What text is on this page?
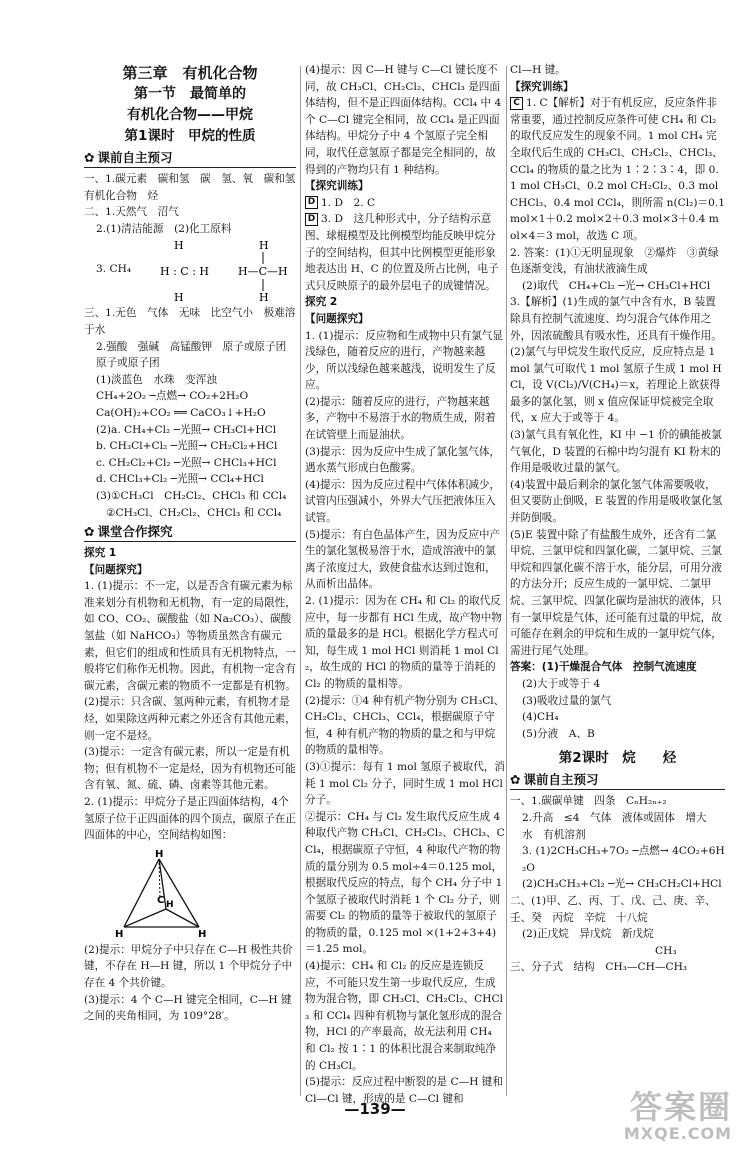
第三章　有机化合物
第一节　最简单的
有机化合物——甲烷
第1课时　甲烷的性质
✿ 课前自主预习

一、1.碳元素　碳和氢　碳　氢、氧　碳和氢　有机化合物　烃

二、1.天然气　沼气

2.(1)清洁能源　(2)化工原料

3. CH₄
H
H : C : H
H
H
H—C—H
H

三、1.无色　气体　无味　比空气小　极难溶于水

2.强酸　强碱　高锰酸钾　原子或原子团　原子或原子团

(1)淡蓝色　水珠　变浑浊

CH₄+2O₂ ─点燃→ CO₂+2H₂O

Ca(OH)₂+CO₂ ══ CaCO₃↓+H₂O

(2)a. CH₄+Cl₂ ─光照→ CH₃Cl+HCl

b. CH₃Cl+Cl₂ ─光照→ CH₂Cl₂+HCl

c. CH₂Cl₂+Cl₂ ─光照→ CHCl₃+HCl

d. CHCl₃+Cl₂ ─光照→ CCl₄+HCl

(3)①CH₃Cl　CH₂Cl₂、CHCl₃ 和 CCl₄

②CH₃Cl、CH₂Cl₂、CHCl₃ 和 CCl₄

✿ 课堂合作探究

探究 1

【问题探究】

1. (1)提示：不一定，以是否含有碳元素为标准来划分有机物和无机物，有一定的局限性，如 CO、CO₂、碳酸盐（如 Na₂CO₃）、碳酸氢盐（如 NaHCO₃）等物质虽然含有碳元素，但它们的组成和性质具有无机物特点，一般将它们称作无机物。因此，有机物一定含有碳元素，含碳元素的物质不一定都是有机物。

(2)提示：只含碳、氢两种元素，有机物才是烃，如果除这两种元素之外还含有其他元素，则一定不是烃。

(3)提示：一定含有碳元素，所以一定是有机物；但有机物不一定是烃，因为有机物还可能含有氧、氮、硫、磷、卤素等其他元素。

2. (1)提示：甲烷分子是正四面体结构，4个氢原子位于正四面体的四个顶点，碳原子在正四面体的中心，空间结构如图：

H
C H
H	H

(2)提示：甲烷分子中只存在 C—H 极性共价键，不存在 H—H 键，所以 1 个甲烷分子中存在 4 个共价键。

(3)提示：4 个 C—H 键完全相同，C—H 键之间的夹角相同，为 109°28′。

(4)提示：因 C—H 键与 C—Cl 键长度不同，故 CH₃Cl、CH₂Cl₂、CHCl₃ 是四面体结构，但不是正四面体结构。CCl₄ 中 4 个 C—Cl 键完全相同，故 CCl₄ 是正四面体结构。甲烷分子中 4 个氢原子完全相同，取代任意氢原子都是完全相同的，故得到的产物均只有 1 种结构。

【探究训练】

D 1. D　2. C

D 3. D　这几种形式中，分子结构示意图、球棍模型及比例模型均能反映甲烷分子的空间结构，但其中比例模型更能形象地表达出 H、C 的位置及所占比例，电子式只反映原子的最外层电子的成键情况。

探究 2

【问题探究】

1. (1)提示：反应物和生成物中只有氯气显浅绿色，随着反应的进行，产物越来越少，所以浅绿色越来越浅，说明发生了反应。

(2)提示：随着反应的进行，产物越来越多，产物中不易溶于水的物质生成，附着在试管壁上而显油状。

(3)提示：因为反应中生成了氯化氢气体，遇水蒸气形成白色酸雾。

(4)提示：因为反应过程中气体体积减少，试管内压强减小，外界大气压把液体压入试管。

(5)提示：有白色晶体产生，因为反应中产生的氯化氢极易溶于水，造成溶液中的氯离子浓度过大，致使食盐水达到过饱和，从而析出晶体。

2. (1)提示：因为在 CH₄ 和 Cl₂ 的取代反应中，每一步都有 HCl 生成，故产物中物质的量最多的是 HCl。根据化学方程式可知，每生成 1 mol HCl 则消耗 1 mol Cl₂，故生成的 HCl 的物质的量等于消耗的 Cl₂ 的物质的量相等。

(2)提示：①4 种有机产物分别为 CH₃Cl、CH₂Cl₂、CHCl₃、CCl₄，根据碳原子守恒，4 种有机产物的物质的量之和与甲烷的物质的量相等。

(3)①提示：每有 1 mol 氢原子被取代，消耗 1 mol Cl₂ 分子，同时生成 1 mol HCl 分子。

②提示：CH₄ 与 Cl₂ 发生取代反应生成 4 种取代产物 CH₃Cl、CH₂Cl₂、CHCl₃、CCl₄，根据碳原子守恒，4 种取代产物的物质的量分别为 0.5 mol÷4＝0.125 mol，根据取代反应的特点，每个 CH₄ 分子中 1 个氢原子被取代时消耗 1 个 Cl₂ 分子，则需要 Cl₂ 的物质的量等于被取代的氢原子的物质的量，0.125 mol ×(1+2+3+4)＝1.25 mol。

(4)提示：CH₄ 和 Cl₂ 的反应是连锁反应，不可能只发生第一步取代反应，生成物为混合物，即 CH₃Cl、CH₂Cl₂、CHCl₃ 和 CCl₄ 四种有机物与氯化氢形成的混合物，HCl 的产率最高，故无法利用 CH₄ 和 Cl₂ 按 1∶1 的体积比混合来制取纯净的 CH₃Cl。

(5)提示：反应过程中断裂的是 C—H 键和 Cl—Cl 键，形成的是 C—Cl 键和

Cl—H 键。

【探究训练】

C 1. C【解析】对于有机反应，反应条件非常重要，通过控制反应条件可使 CH₄ 和 Cl₂ 的取代反应发生的现象不同。1 mol CH₄ 完全取代后生成的 CH₃Cl、CH₂Cl₂、CHCl₃、CCl₄ 的物质的量之比为 1∶2∶3∶4，即 0.1 mol CH₃Cl、0.2 mol CH₂Cl₂、0.3 mol CHCl₃、0.4 mol CCl₄，則所需 n(Cl₂)＝0.1 mol×1＋0.2 mol×2＋0.3 mol×3＋0.4 mol×4＝3 mol，故选 C 项。

2. 答案：(1)①无明显现象　②爆炸　③黄绿色逐渐变浅，有油状液滴生成

(2)取代　CH₄+Cl₂ ─光→ CH₃Cl+HCl

3.【解析】(1)生成的氯气中含有水，B 装置除具有控制气流速度、均匀混合气体作用之外，因浓硫酸具有吸水性，还具有干燥作用。

(2)氯气与甲烷发生取代反应，反应特点是 1 mol 氯气可取代 1 mol 氢原子生成 1 mol HCl，设 V(Cl₂)/V(CH₄)＝x，若理论上欲获得最多的氯化氢，则 x 值应保证甲烷被完全取代，x 应大于或等于 4。

(3)氯气具有氧化性，KI 中 −1 价的碘能被氯气氧化，D 装置的石棉中均匀混有 KI 粉末的作用是吸收过量的氯气。

(4)装置中最后剩余的氯化氢气体需要吸收，但又要防止倒吸，E 装置的作用是吸收氯化氢并防倒吸。

(5)E 装置中除了有盐酸生成外，还含有二氯甲烷、三氯甲烷和四氯化碳，二氯甲烷、三氯甲烷和四氯化碳不溶于水，能分层，可用分液的方法分开；反应生成的一氯甲烷、二氯甲烷、三氯甲烷、四氯化碳均是油状的液体，只有一氯甲烷是气体，还可能有过量的甲烷，故可能存在剩余的甲烷和生成的一氯甲烷气体，需进行尾气处理。

答案：(1)干燥混合气体　控制气流速度

(2)大于或等于 4

(3)吸收过量的氯气

(4)CH₄

(5)分液　A、B

第2课时　烷　　烃
✿ 课前自主预习

一、1.碳碳单键　四条　CₙH₂ₙ₊₂

2.升高　≤4　气体　液体或固体　增大　水　有机溶剂

3. (1)2CH₃CH₃+7O₂ ─点燃→ 4CO₂+6H₂O

(2)CH₃CH₃+Cl₂ ─光→ CH₃CH₂Cl+HCl

二、(1)甲、乙、丙、丁、戊、己、庚、辛、壬、癸　丙烷　辛烷　十八烷

(2)正戊烷　异戊烷　新戊烷

CH₃

三、分子式　结构　CH₃—CH—CH₃

—139—	答案圈
MXQE.COM
